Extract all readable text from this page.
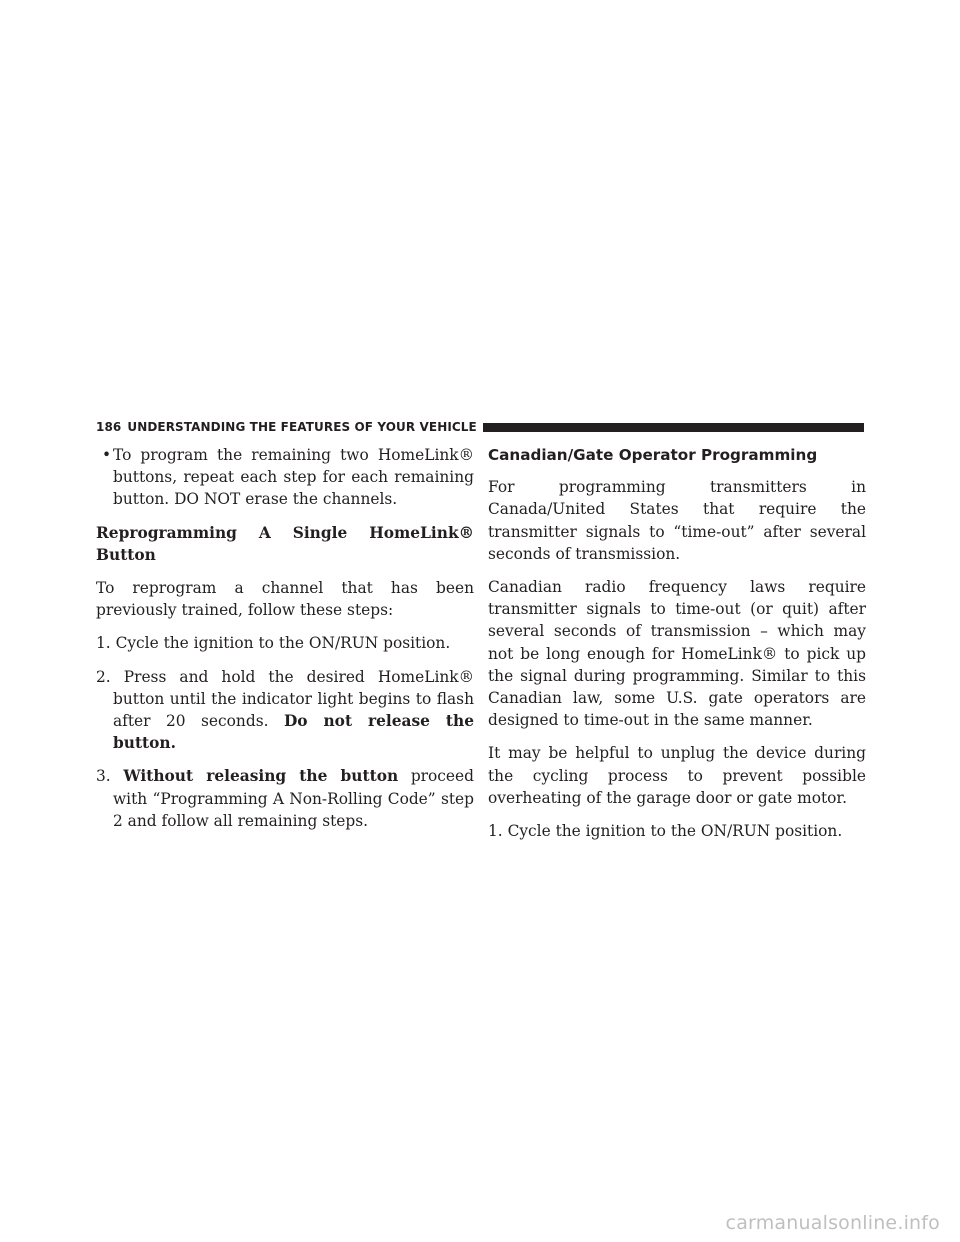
186 UNDERSTANDING THE FEATURES OF YOUR VEHICLE

• To program the remaining two HomeLink® buttons, repeat each step for each remaining button. DO NOT erase the channels.

Reprogramming A Single HomeLink® Button

To reprogram a channel that has been previously trained, follow these steps:

1. Cycle the ignition to the ON/RUN position.

2. Press and hold the desired HomeLink® button until the indicator light begins to flash after 20 seconds. Do not release the button.

3. Without releasing the button proceed with “Programming A Non-Rolling Code” step 2 and follow all remaining steps.

Canadian/Gate Operator Programming

For programming transmitters in Canada/United States that require the transmitter signals to “time-out” after several seconds of transmission.

Canadian radio frequency laws require transmitter signals to time-out (or quit) after several seconds of transmission – which may not be long enough for HomeLink® to pick up the signal during programming. Similar to this Canadian law, some U.S. gate operators are designed to time-out in the same manner.

It may be helpful to unplug the device during the cycling process to prevent possible overheating of the garage door or gate motor.

1. Cycle the ignition to the ON/RUN position.

carmanualsonline.info
